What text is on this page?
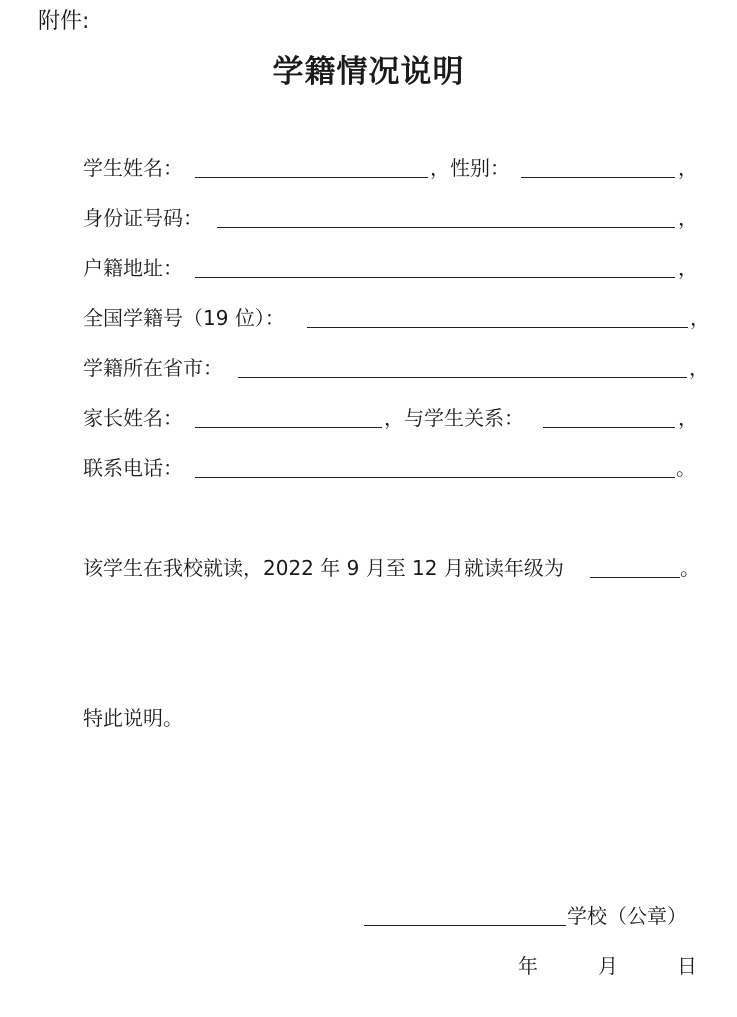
附件:
学籍情况说明
学生姓名：	，性别：	，
身份证号码：	，
户籍地址：	，
全国学籍号（19 位）：	，
学籍所在省市：	，
家长姓名：	，与学生关系：	，
联系电话：	。
该学生在我校就读，2022 年 9 月至 12 月就读年级为	。
特此说明。
学校（公章）
年	月	日
